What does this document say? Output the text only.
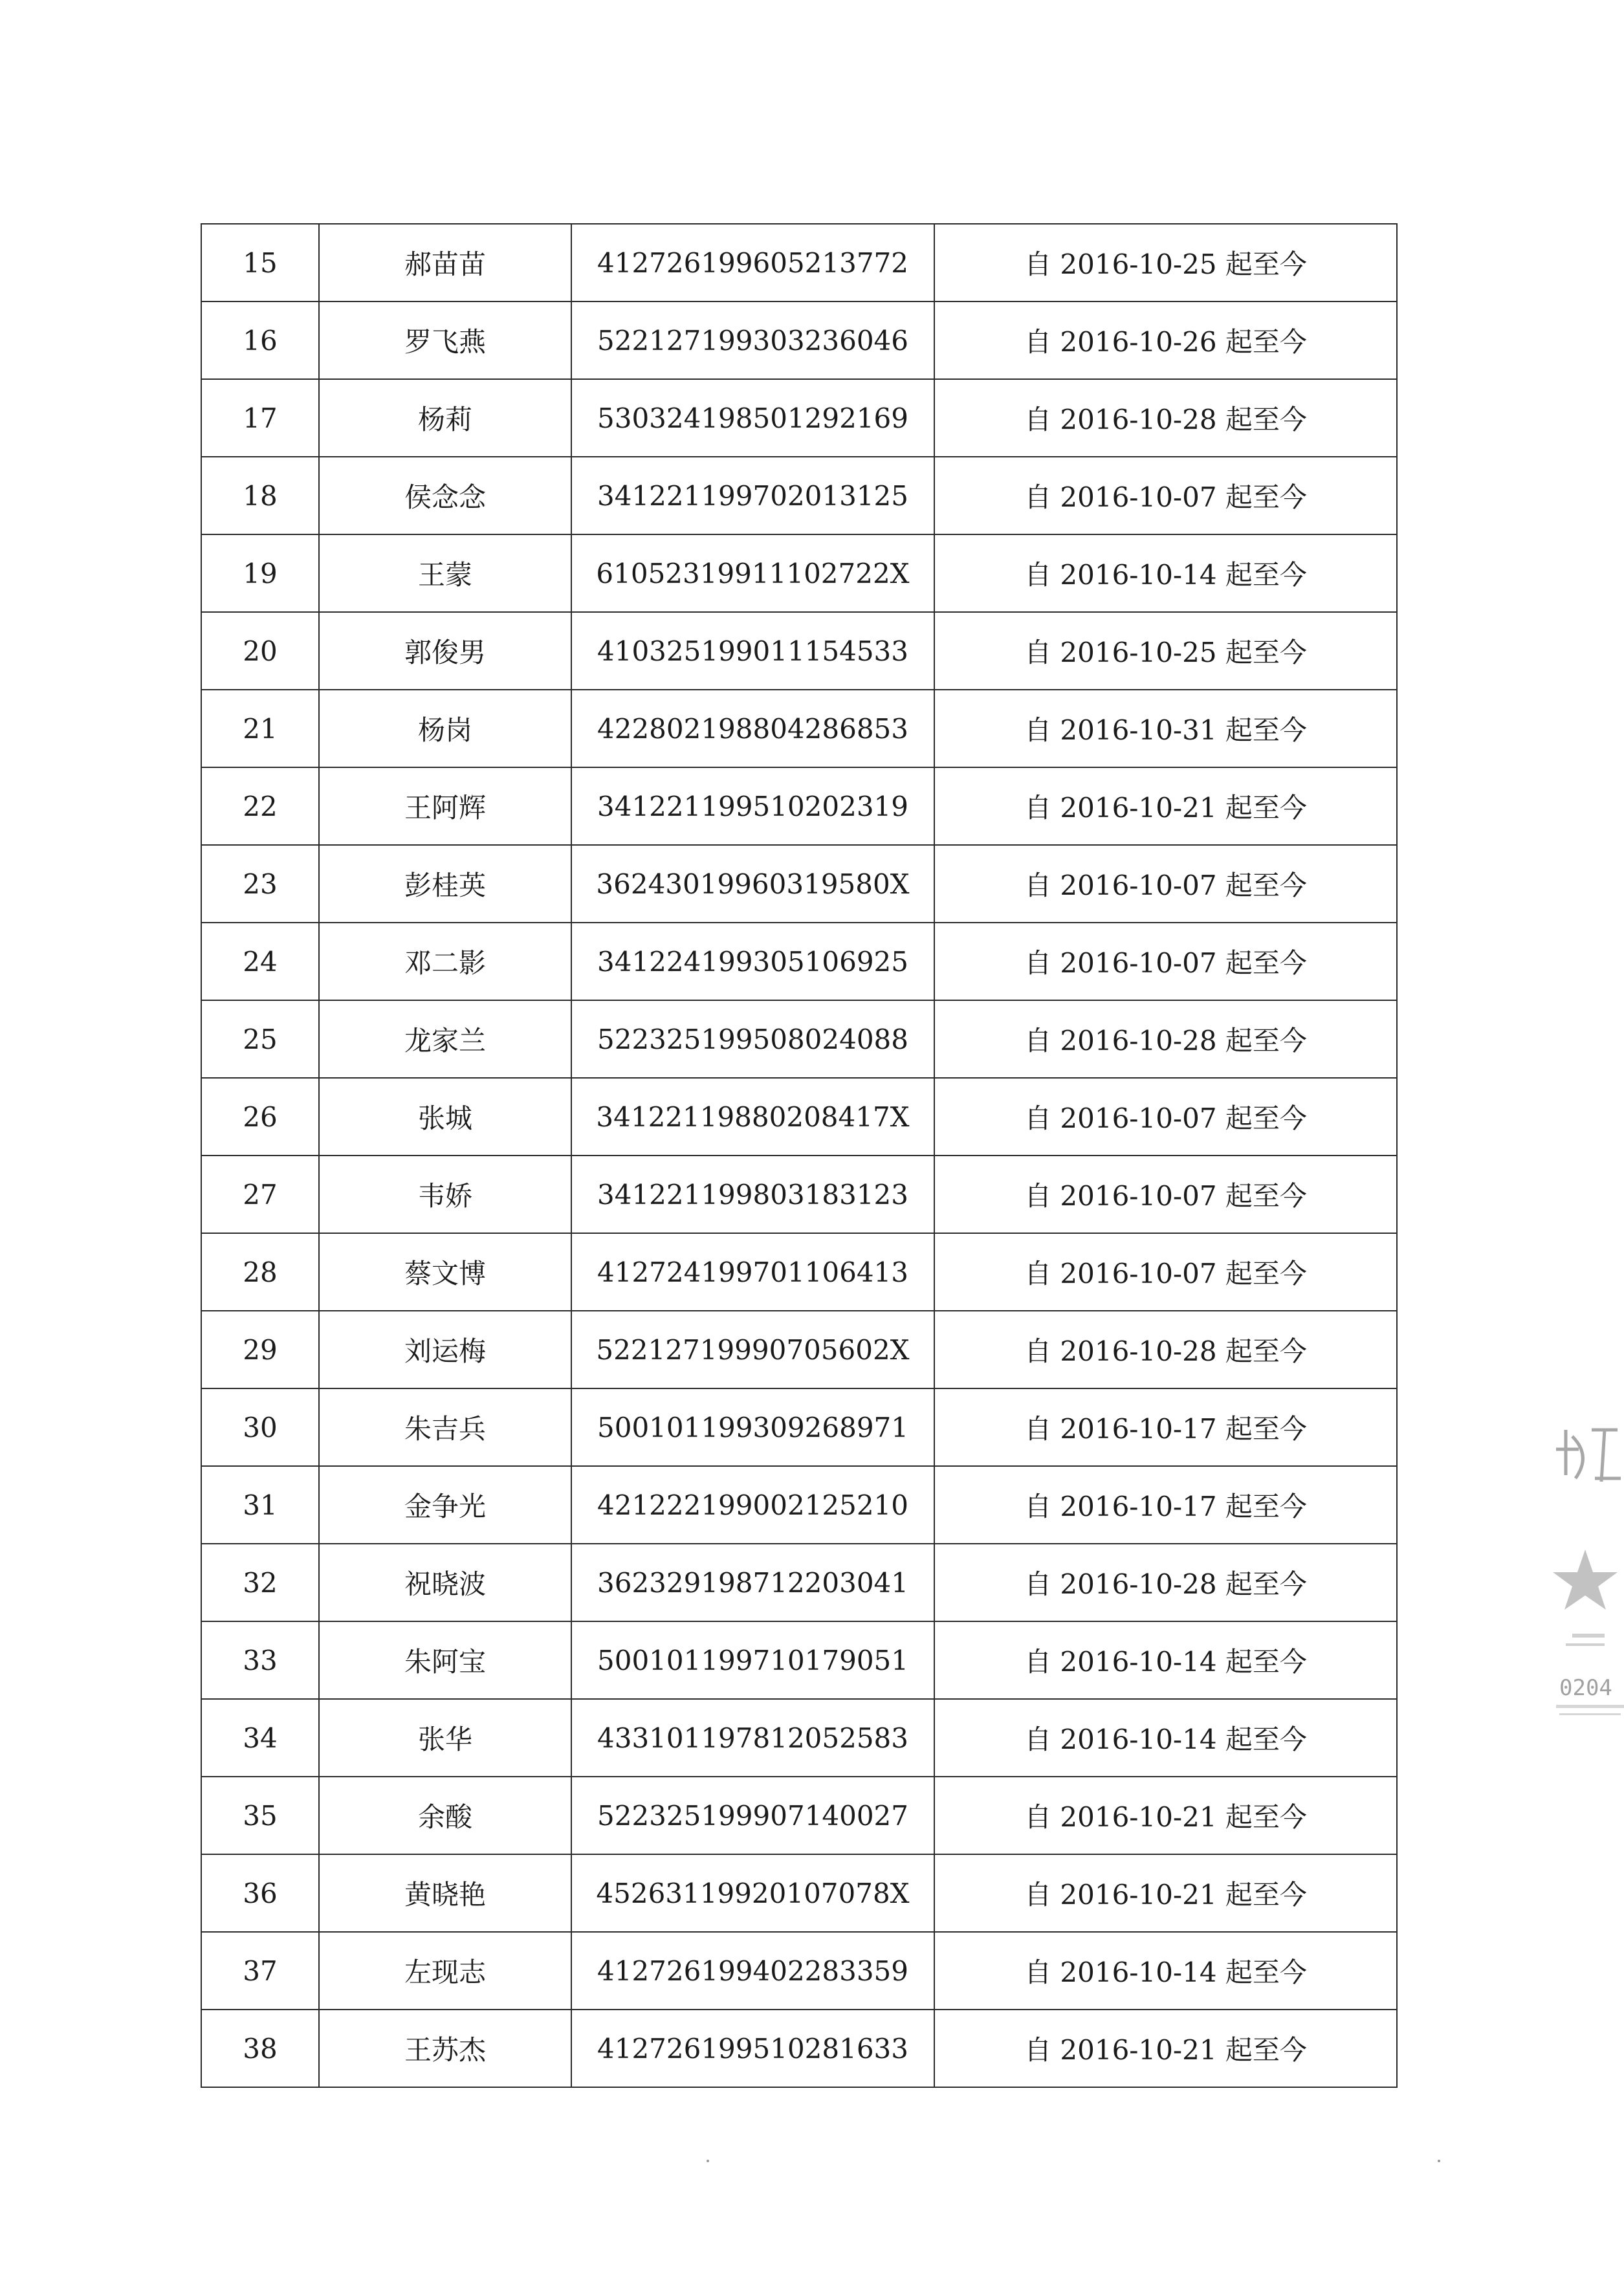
15	郝苗苗	412726199605213772	自 2016-10-25 起至今
16	罗飞燕	522127199303236046	自 2016-10-26 起至今
17	杨莉	530324198501292169	自 2016-10-28 起至今
18	侯念念	341221199702013125	自 2016-10-07 起至今
19	王蒙	61052319911102722X	自 2016-10-14 起至今
20	郭俊男	410325199011154533	自 2016-10-25 起至今
21	杨岗	422802198804286853	自 2016-10-31 起至今
22	王阿辉	341221199510202319	自 2016-10-21 起至今
23	彭桂英	36243019960319580X	自 2016-10-07 起至今
24	邓二影	341224199305106925	自 2016-10-07 起至今
25	龙家兰	522325199508024088	自 2016-10-28 起至今
26	张城	34122119880208417X	自 2016-10-07 起至今
27	韦娇	341221199803183123	自 2016-10-07 起至今
28	蔡文博	412724199701106413	自 2016-10-07 起至今
29	刘运梅	52212719990705602X	自 2016-10-28 起至今
30	朱吉兵	500101199309268971	自 2016-10-17 起至今
31	金争光	421222199002125210	自 2016-10-17 起至今
32	祝晓波	362329198712203041	自 2016-10-28 起至今
33	朱阿宝	500101199710179051	自 2016-10-14 起至今
34	张华	433101197812052583	自 2016-10-14 起至今
35	余酸	522325199907140027	自 2016-10-21 起至今
36	黄晓艳	45263119920107078X	自 2016-10-21 起至今
37	左现志	412726199402283359	自 2016-10-14 起至今
38	王苏杰	412726199510281633	自 2016-10-21 起至今
0204
